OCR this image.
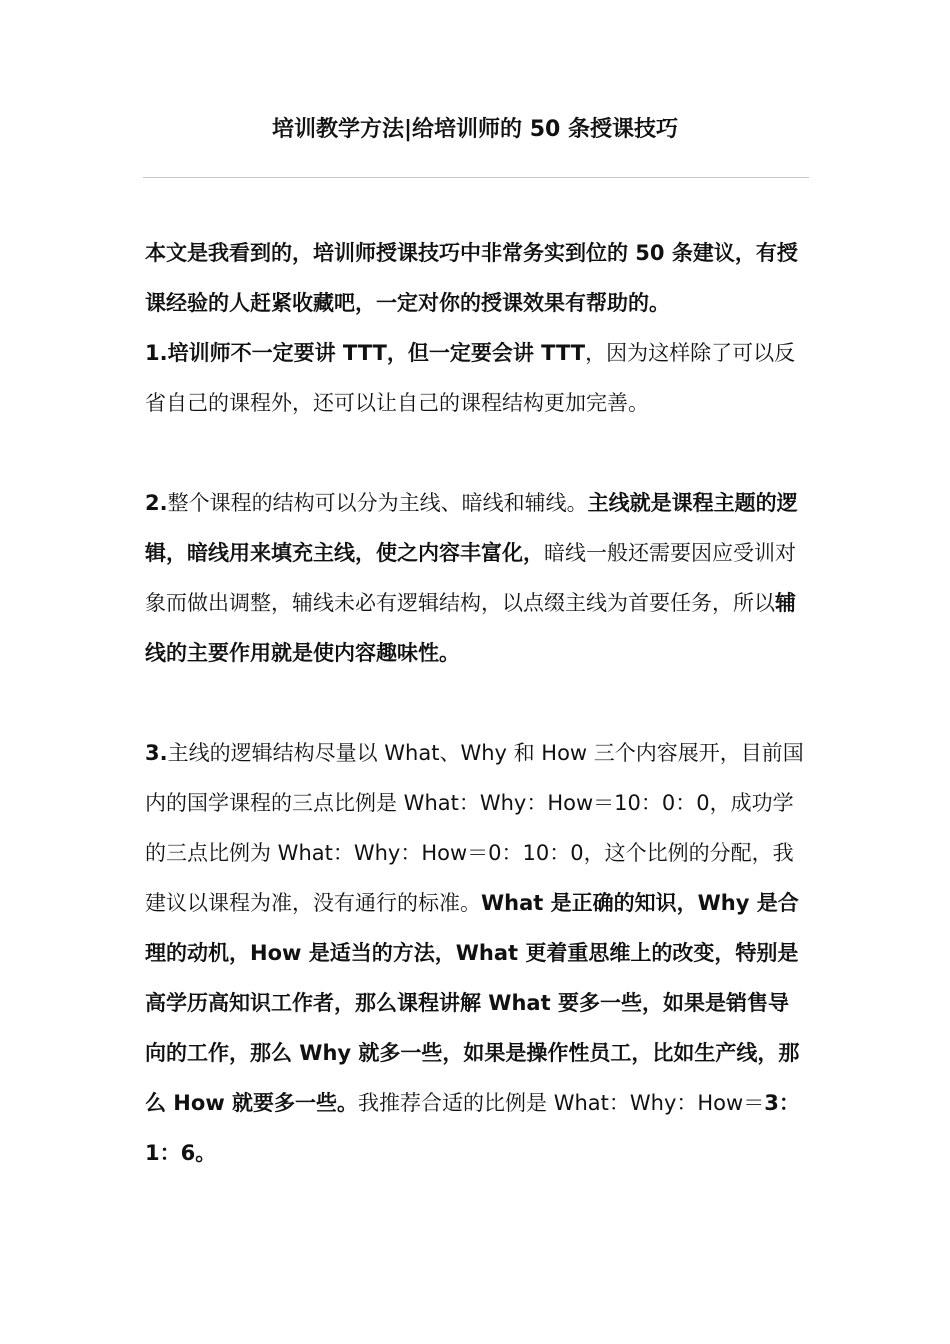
培训教学方法|给培训师的 50 条授课技巧

本文是我看到的，培训师授课技巧中非常务实到位的 50 条建议，有授课经验的人赶紧收藏吧，一定对你的授课效果有帮助的。

1.培训师不一定要讲 TTT，但一定要会讲 TTT，因为这样除了可以反省自己的课程外，还可以让自己的课程结构更加完善。

2.整个课程的结构可以分为主线、暗线和辅线。主线就是课程主题的逻辑，暗线用来填充主线，使之内容丰富化，暗线一般还需要因应受训对象而做出调整，辅线未必有逻辑结构，以点缀主线为首要任务，所以辅线的主要作用就是使内容趣味性。

3.主线的逻辑结构尽量以 What、Why 和 How 三个内容展开，目前国内的国学课程的三点比例是 What：Why：How＝10：0：0，成功学的三点比例为 What：Why：How＝0：10：0，这个比例的分配，我建议以课程为准，没有通行的标准。What 是正确的知识，Why 是合理的动机，How 是适当的方法，What 更着重思维上的改变，特别是高学历高知识工作者，那么课程讲解 What 要多一些，如果是销售导向的工作，那么 Why 就多一些，如果是操作性员工，比如生产线，那么 How 就要多一些。我推荐合适的比例是 What：Why：How＝3：1：6。
